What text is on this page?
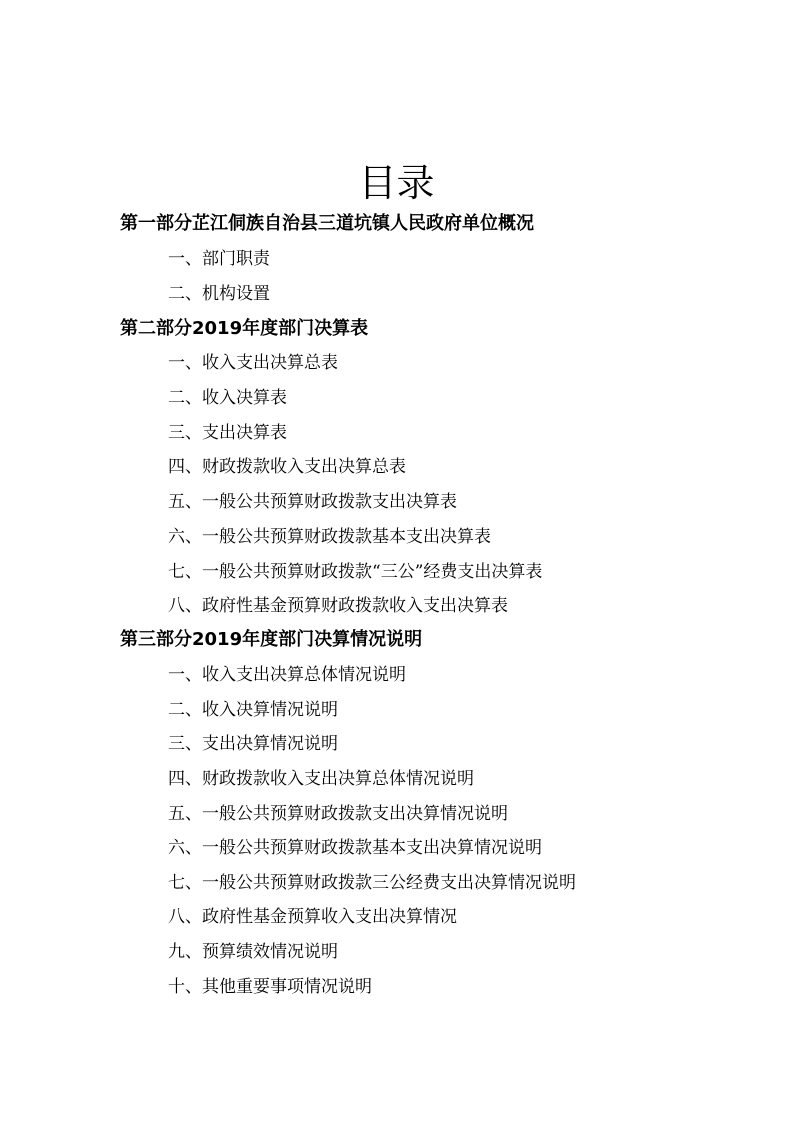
目录
第一部分芷江侗族自治县三道坑镇人民政府单位概况
一、部门职责
二、机构设置
第二部分2019年度部门决算表
一、收入支出决算总表
二、收入决算表
三、支出决算表
四、财政拨款收入支出决算总表
五、一般公共预算财政拨款支出决算表
六、一般公共预算财政拨款基本支出决算表
七、一般公共预算财政拨款“三公”经费支出决算表
八、政府性基金预算财政拨款收入支出决算表
第三部分2019年度部门决算情况说明
一、收入支出决算总体情况说明
二、收入决算情况说明
三、支出决算情况说明
四、财政拨款收入支出决算总体情况说明
五、一般公共预算财政拨款支出决算情况说明
六、一般公共预算财政拨款基本支出决算情况说明
七、一般公共预算财政拨款三公经费支出决算情况说明
八、政府性基金预算收入支出决算情况
九、预算绩效情况说明
十、其他重要事项情况说明
